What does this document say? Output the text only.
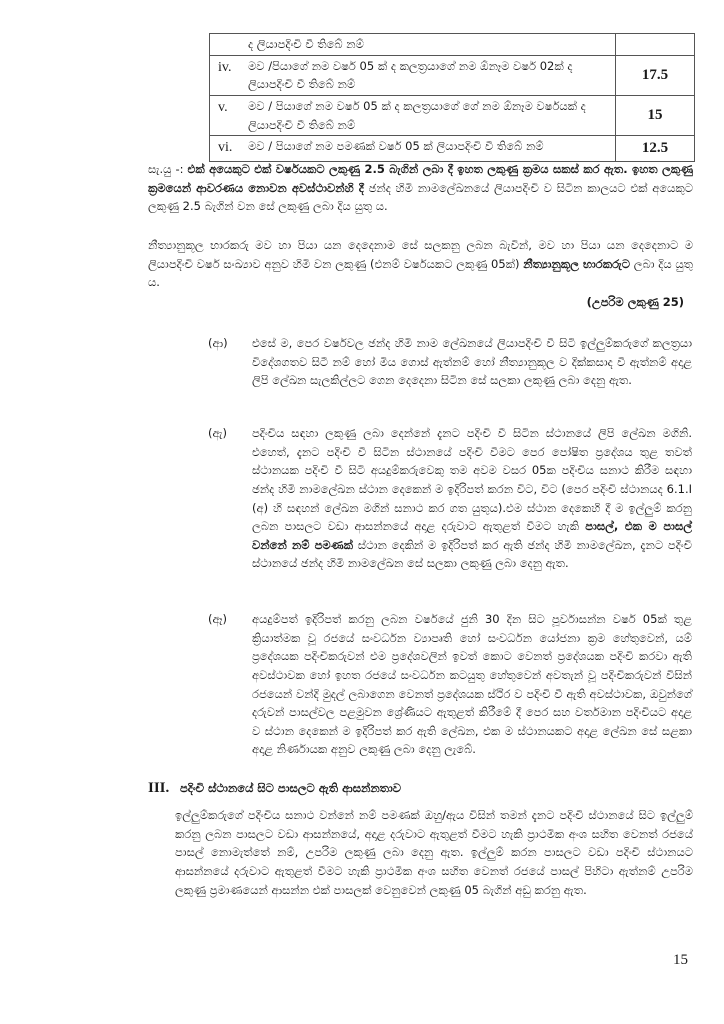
ද ලියාපදිංචි වී තිබේ නම්	

iv. මව /පියාගේ නම වර්ෂ 05 ක් ද කලත්‍රයාගේ නම ඕනෑම වර්ෂ 02ක් ද ලියාපදිංචි වී තිබේ නම්	17.5

v. මව / පියාගේ නම වර්ෂ 05 ක් ද කලත්‍රයාගේ ගේ නම ඕනෑම වර්ෂයක් ද ලියාපදිංචි වී තිබේ නම්	15

vi. මව / පියාගේ නම පමණක් වර්ෂ 05 ක් ලියාපදිංචි වී තිබේ නම්	12.5

සැ.යු -: එක් අයෙකුට එක් වර්ෂයකට ලකුණු 2.5 බැගින් ලබා දී ඉහත ලකුණු ක්‍රමය සකස් කර ඇත. ඉහත ලකුණු ක්‍රමයෙන් ආවරණය නොවන අවස්ථාවන්හි දී ඡන්ද හිමි නාමලේඛනයේ ලියාපදිංචි ව සිටින කාලයට එක් අයෙකුට ලකුණු 2.5 බැගින් වන සේ ලකුණු ලබා දිය යුතු ය.

නීත්‍යානුකූල භාරකරු මව හා පියා යන දෙදෙනාම සේ සලකනු ලබන බැවින්, මව හා පියා යන දෙදෙනාට ම ලියාපදිංචි වර්ෂ සංඛ්‍යාව අනුව හිමි වන ලකුණු (එනම් වර්ෂයකට ලකුණු 05ක්) නීත්‍යානුකූල භාරකරුට ලබා දිය යුතු ය.

(උපරිම ලකුණු 25)
(ආ)	එසේ ම, පෙර වර්ෂවල ඡන්ද හිමි නාම ලේඛනයේ ලියාපදිංචි වී සිටි ඉල්ලුම්කරුගේ කලත්‍රයා විදේශගතව සිටී නම් හෝ මිය ගොස් ඇත්නම් හෝ නීත්‍යානුකූල ව දික්කසාද වී ඇත්නම් අදාළ ලිපි ලේඛන සැලකිල්ලට ගෙන දෙදෙනා සිටින සේ සලකා ලකුණු ලබා දෙනු ඇත.
(ඇ)	පදිංචිය සඳහා ලකුණු ලබා දෙන්නේ දැනට පදිංචි වී සිටින ස්ථානයේ ලිපි ලේඛන මගිනි. එහෙත්, දැනට පදිංචි වී සිටින ස්ථානයේ පදිංචි වීමට පෙර පෝෂිත ප්‍රදේශය තුළ තවත් ස්ථානයක පදිංචි වී සිටි අයදුම්කරුවෙකු තම අවම වසර 05ක පදිංචිය සනාථ කිරීම සඳහා ඡන්ද හිමි නාමලේඛන ස්ථාන දෙකෙන් ම ඉදිරිපත් කරන විට, විට (පෙර පදිංචි ස්ථානයද 6.1.I (අ) හි සඳහන් ලේඛන මගින් සනාථ කර ගත යුතුය).එම ස්ථාන දෙකෙහි දී ම ඉල්ලුම් කරනු ලබන පාසලට වඩා ආසන්නයේ අදාළ දරුවාට ඇතුළත් වීමට හැකි පාසල්, එක ම පාසල් වන්නේ නම් පමණක් ස්ථාන දෙකින් ම ඉදිරිපත් කර ඇති ඡන්ද හිමි නාමලේඛන, දැනට පදිංචි ස්ථානයේ ඡන්ද හිමි නාමලේඛන සේ සලකා ලකුණු ලබා දෙනු ඇත.
(ඈ)	අයදුම්පත් ඉදිරිපත් කරනු ලබන වර්ෂයේ ජුනි 30 දින සිට පූර්වාසන්න වර්ෂ 05ක් තුළ ක්‍රියාත්මක වූ රජයේ සංවර්ධන ව්‍යාපෘති හෝ සංවර්ධන යෝජනා ක්‍රම හේතුවෙන්, යම් ප්‍රදේශයක පදිංචිකරුවන් එම ප්‍රදේශවලින් ඉවත් කොට වෙනත් ප්‍රදේශයක පදිංචි කරවා ඇති අවස්ථාවක හෝ ඉහත රජයේ සංවර්ධන කටයුතු හේතුවෙන් අවතැන් වූ පදිංචිකරුවන් විසින් රජයෙන් වන්දි මුදල් ලබාගෙන වෙනත් ප්‍රදේශයක ස්ථිර ව පදිංචි වී ඇති අවස්ථාවක, ඔවුන්ගේ දරුවන් පාසල්වල පළමුවන ශ්‍රේණියට ඇතුළත් කිරීමේ දී පෙර සහ වර්තමාන පදිංචියට අදාළ ව ස්ථාන දෙකෙන් ම ඉදිරිපත් කර ඇති ලේඛන, එක ම ස්ථානයකට අදාළ ලේඛන සේ සළකා අදාළ නිර්ණායක අනුව ලකුණු ලබා දෙනු ලැබේ.
III. පදිංචි ස්ථානයේ සිට පාසලට ඇති ආසන්නතාව

ඉල්ලුම්කරුගේ පදිංචිය සනාථ වන්නේ නම් පමණක් ඔහු/ඇය විසින් තමන් දැනට පදිංචි ස්ථානයේ සිට ඉල්ලුම් කරනු ලබන පාසලට වඩා ආසන්නයේ, අදාළ දරුවාට ඇතුළත් වීමට හැකි ප්‍රාථමික අංශ සහිත වෙනත් රජයේ පාසල් නොමැත්තේ නම්, උපරිම ලකුණු ලබා දෙනු ඇත. ඉල්ලුම් කරන පාසලට වඩා පදිංචි ස්ථානයට ආසන්නයේ දරුවාට ඇතුළත් වීමට හැකි ප්‍රාථමික අංශ සහිත වෙනත් රජයේ පාසල් පිහිටා ඇත්නම් උපරිම ලකුණු ප්‍රමාණයෙන් ආසන්න එක් පාසලක් වෙනුවෙන් ලකුණු 05 බැගින් අඩු කරනු ඇත.

15
